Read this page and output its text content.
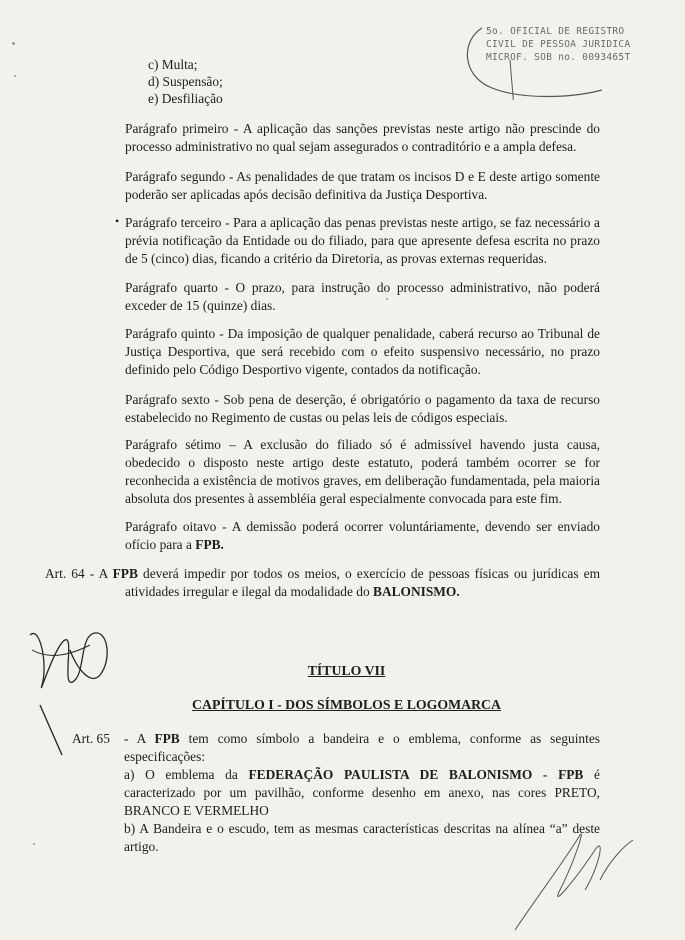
5o. OFICIAL DE REGISTRO
CIVIL DE PESSOA JURIDICA
MICROF. SOB no. 0093465T
c) Multa;
d) Suspensão;
e) Desfiliação
Parágrafo primeiro - A aplicação das sanções previstas neste artigo não prescinde do
processo administrativo no qual sejam assegurados o contraditório e a ampla defesa.
Parágrafo segundo - As penalidades de que tratam os incisos D e E deste artigo somente
poderão ser aplicadas após decisão definitiva da Justiça Desportiva.
• Parágrafo terceiro - Para a aplicação das penas previstas neste artigo, se faz necessário a
prévia notificação da Entidade ou do filiado, para que apresente defesa escrita no prazo
de 5 (cinco) dias, ficando a critério da Diretoria, as provas externas requeridas.
Parágrafo quarto - O prazo, para instrução do processo administrativo, não poderá
exceder de 15 (quinze) dias.
Parágrafo quinto - Da imposição de qualquer penalidade, caberá recurso ao Tribunal de
Justiça Desportiva, que será recebido com o efeito suspensivo necessário, no prazo
definido pelo Código Desportivo vigente, contados da notificação.
Parágrafo sexto - Sob pena de deserção, é obrigatório o pagamento da taxa de recurso
estabelecido no Regimento de custas ou pelas leis de códigos especiais.
Parágrafo sétimo – A exclusão do filiado só é admissível havendo justa causa,
obedecido o disposto neste artigo deste estatuto, poderá também ocorrer se for
reconhecida a existência de motivos graves, em deliberação fundamentada, pela maioria
absoluta dos presentes à assembléia geral especialmente convocada para este fim.
Parágrafo oitavo - A demissão poderá ocorrer voluntáriamente, devendo ser enviado
ofício para a FPB.
Art. 64 - A FPB deverá impedir por todos os meios, o exercício de pessoas físicas ou jurídicas em
atividades irregular e ilegal da modalidade do BALONISMO.
TÍTULO VII
CAPÍTULO I - DOS SÍMBOLOS E LOGOMARCA
Art. 65 - A FPB tem como símbolo a bandeira e o emblema, conforme as seguintes
especificações:
a) O emblema da FEDERAÇÃO PAULISTA DE BALONISMO - FPB é
caracterizado por um pavilhão, conforme desenho em anexo, nas cores PRETO,
BRANCO E VERMELHO
b) A Bandeira e o escudo, tem as mesmas características descritas na alínea “a” deste
artigo.
